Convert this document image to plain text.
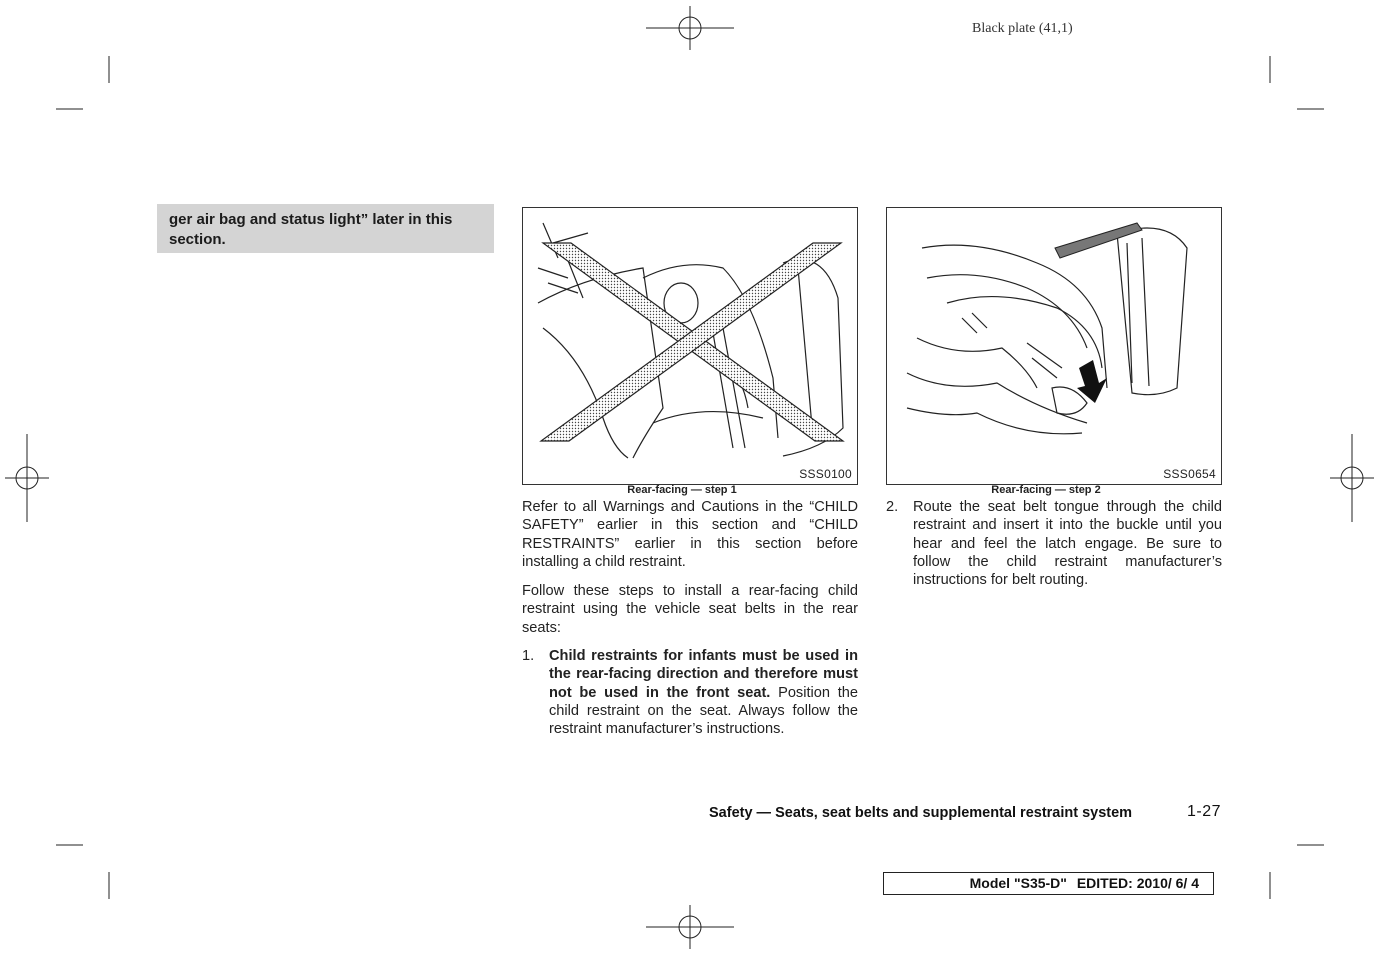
Black plate (41,1)
ger air bag and status light” later in this section.
SSS0100
Rear-facing — step 1
SSS0654
Rear-facing — step 2
Refer to all Warnings and Cautions in the “CHILD SAFETY” earlier in this section and “CHILD RESTRAINTS” earlier in this section before installing a child restraint.
Follow these steps to install a rear-facing child restraint using the vehicle seat belts in the rear seats:
1. Child restraints for infants must be used in the rear-facing direction and therefore must not be used in the front seat. Position the child restraint on the seat. Always follow the restraint manufacturer’s instructions.
2. Route the seat belt tongue through the child restraint and insert it into the buckle until you hear and feel the latch engage. Be sure to follow the child restraint manufacturer’s instructions for belt routing.
Safety — Seats, seat belts and supplemental restraint system	1-27
Model "S35-D" EDITED: 2010/ 6/ 4
